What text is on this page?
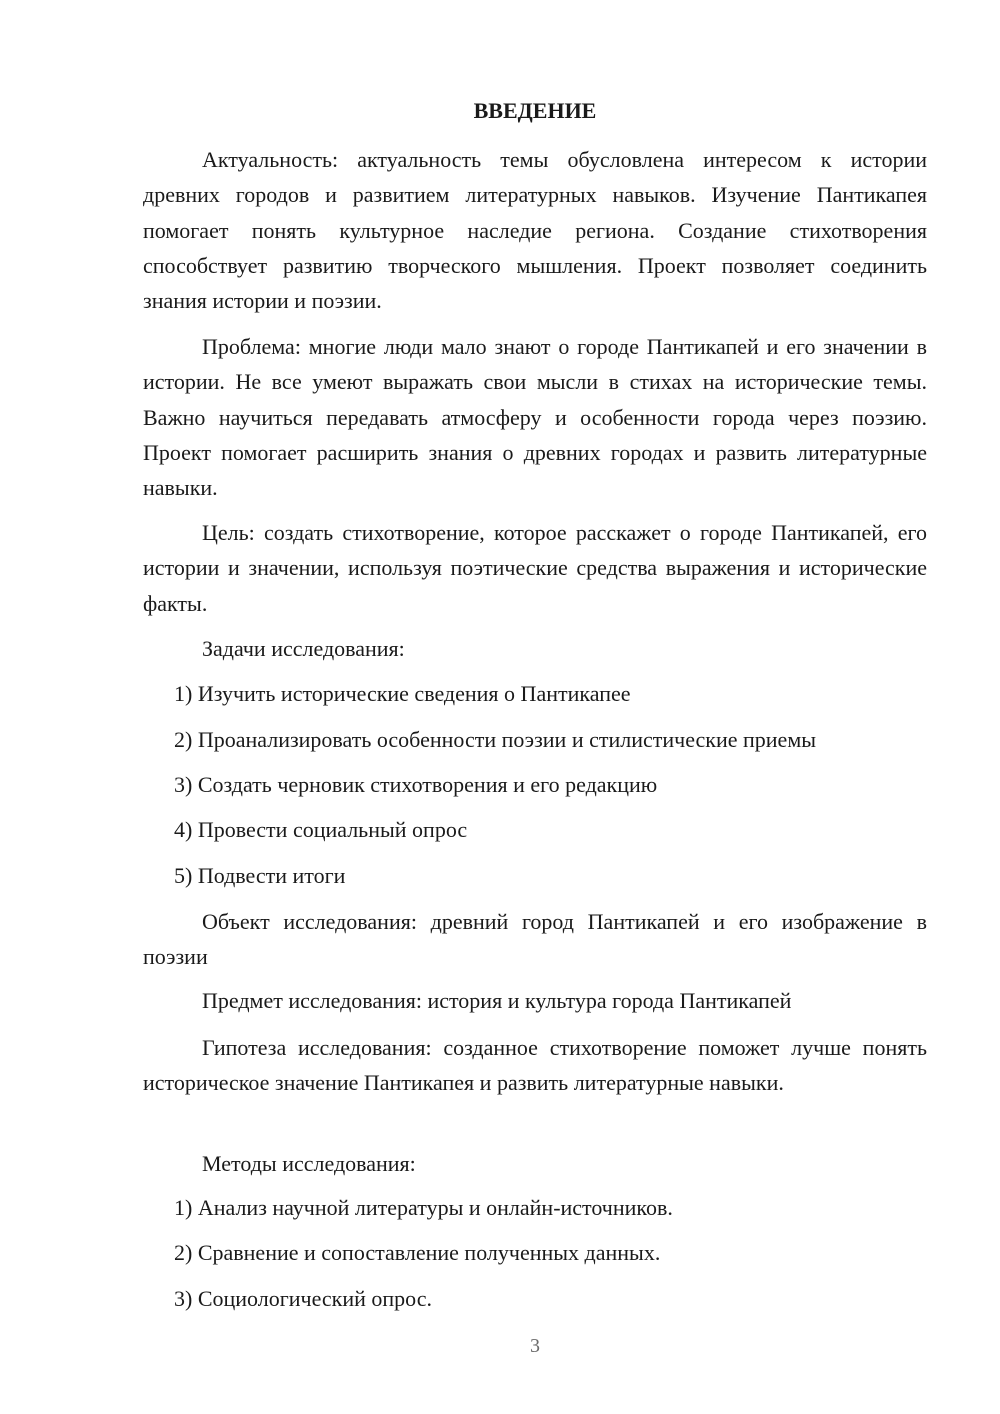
ВВЕДЕНИЕ

Актуальность: актуальность темы обусловлена интересом к истории древних городов и развитием литературных навыков. Изучение Пантикапея помогает понять культурное наследие региона. Создание стихотворения способствует развитию творческого мышления. Проект позволяет соединить знания истории и поэзии.

Проблема: многие люди мало знают о городе Пантикапей и его значении в истории. Не все умеют выражать свои мысли в стихах на исторические темы. Важно научиться передавать атмосферу и особенности города через поэзию. Проект помогает расширить знания о древних городах и развить литературные навыки.

Цель: создать стихотворение, которое расскажет о городе Пантикапей, его истории и значении, используя поэтические средства выражения и исторические факты.

Задачи исследования:

1) Изучить исторические сведения о Пантикапее

2) Проанализировать особенности поэзии и стилистические приемы

3) Создать черновик стихотворения и его редакцию

4) Провести социальный опрос

5) Подвести итоги

Объект исследования: древний город Пантикапей и его изображение в поэзии

Предмет исследования: история и культура города Пантикапей

Гипотеза исследования: созданное стихотворение поможет лучше понять историческое значение Пантикапея и развить литературные навыки.

Методы исследования:

1) Анализ научной литературы и онлайн-источников.

2) Сравнение и сопоставление полученных данных.

3) Социологический опрос.

3
